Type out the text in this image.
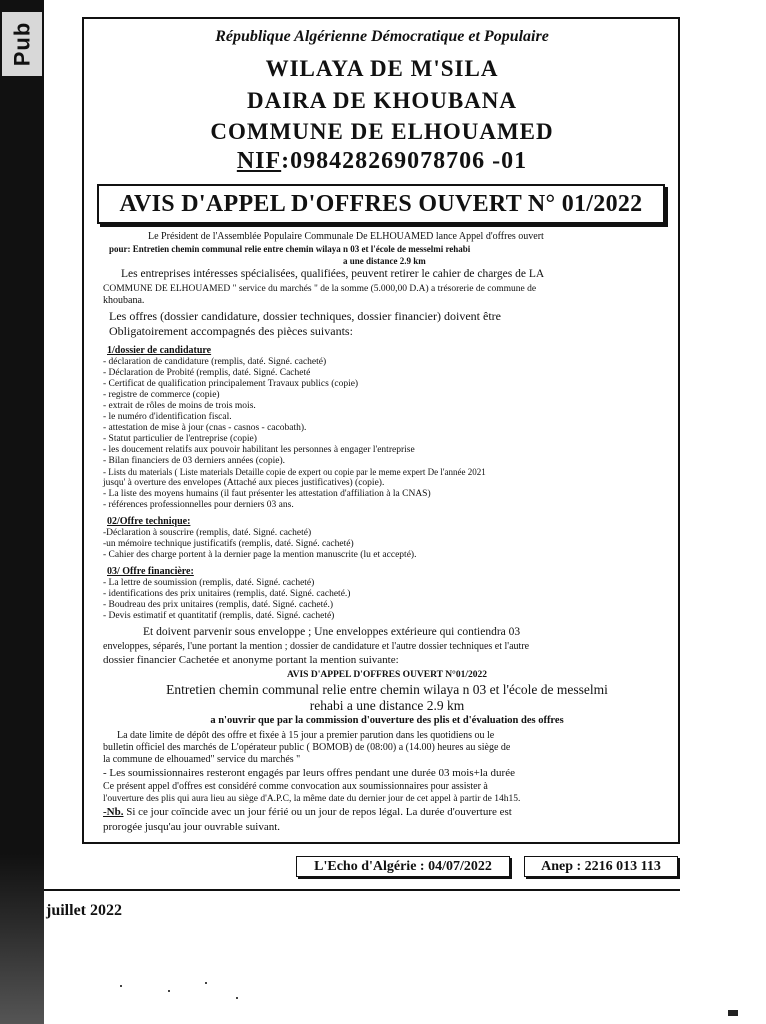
Pub	République Algérienne Démocratique et Populaire
WILAYA DE M'SILA
DAIRA DE KHOUBANA
COMMUNE DE ELHOUAMED
NIF:098428269078706 -01
AVIS D'APPEL D'OFFRES OUVERT N° 01/2022
Le Président de l'Assemblée Populaire Communale De ELHOUAMED lance Appel d'offres ouvert
pour: Entretien chemin communal relie entre chemin wilaya n 03 et l'école de messelmi rehabi
a une distance 2.9 km
Les entreprises intéresses spécialisées, qualifiées, peuvent retirer le cahier de charges de LA
COMMUNE DE ELHOUAMED " service du marchés " de la somme (5.000,00 D.A) a trésorerie de commune de
khoubana.
Les offres (dossier candidature, dossier techniques, dossier financier) doivent être
Obligatoirement accompagnés des pièces suivants:
1/dossier de candidature
- déclaration de candidature (remplis, daté. Signé. cacheté)
- Déclaration de Probité (remplis, daté. Signé. Cacheté
- Certificat de qualification principalement Travaux publics (copie)
- registre de commerce (copie)
- extrait de rôles de moins de trois mois.
- le numéro d'identification fiscal.
- attestation de mise à jour (cnas - casnos - cacobath).
- Statut particulier de l'entreprise (copie)
- les doucement relatifs aux pouvoir habilitant les personnes à engager l'entreprise
- Bilan financiers de 03 derniers années (copie).
- Lists du materials ( Liste materials Detaille copie de expert ou copie par le meme expert De l'année 2021
jusqu' à overture des envelopes (Attaché aux pieces justificatives) (copie).
- La liste des moyens humains (il faut présenter les attestation d'affiliation à la CNAS)
- références professionnelles pour derniers 03 ans.
02/Offre technique:
-Déclaration à souscrire (remplis, daté. Signé. cacheté)
-un mémoire technique justificatifs (remplis, daté. Signé. cacheté)
- Cahier des charge portent à la dernier page la mention manuscrite (lu et accepté).
03/ Offre financière:
- La lettre de soumission (remplis, daté. Signé. cacheté)
- identifications des prix unitaires (remplis, daté. Signé. cacheté.)
- Boudreau des prix unitaires (remplis, daté. Signé. cacheté.)
- Devis estimatif et quantitatif (remplis, daté. Signé. cacheté)
Et doivent parvenir sous enveloppe ; Une enveloppes extérieure qui contiendra 03
enveloppes, séparés, l'une portant la mention ; dossier de candidature et l'autre dossier techniques et l'autre
dossier financier Cachetée et anonyme portant la mention suivante:
AVIS D'APPEL D'OFFRES OUVERT N°01/2022
Entretien chemin communal relie entre chemin wilaya n 03 et l'école de messelmi
rehabi a une distance 2.9 km
a n'ouvrir que par la commission d'ouverture des plis et d'évaluation des offres
La date limite de dépôt des offre et fixée à 15 jour a premier parution dans les quotidiens ou le
bulletin officiel des marchés de L'opérateur public ( BOMOB) de (08:00) a (14.00) heures au siège de
la commune de elhouamed" service du marchés "
- Les soumissionnaires resteront engagés par leurs offres pendant une durée 03 mois+la durée
Ce présent appel d'offres est considéré comme convocation aux soumissionnaires pour assister à
l'ouverture des plis qui aura lieu au siège d'A.P.C, la même date du dernier jour de cet appel à partir de 14h15.
-Nb. Si ce jour coïncide avec un jour férié ou un jour de repos légal. La durée d'ouverture est
prorogée jusqu'au jour ouvrable suivant.
L'Echo d'Algérie : 04/07/2022	Anep : 2216 013 113
juillet 2022
